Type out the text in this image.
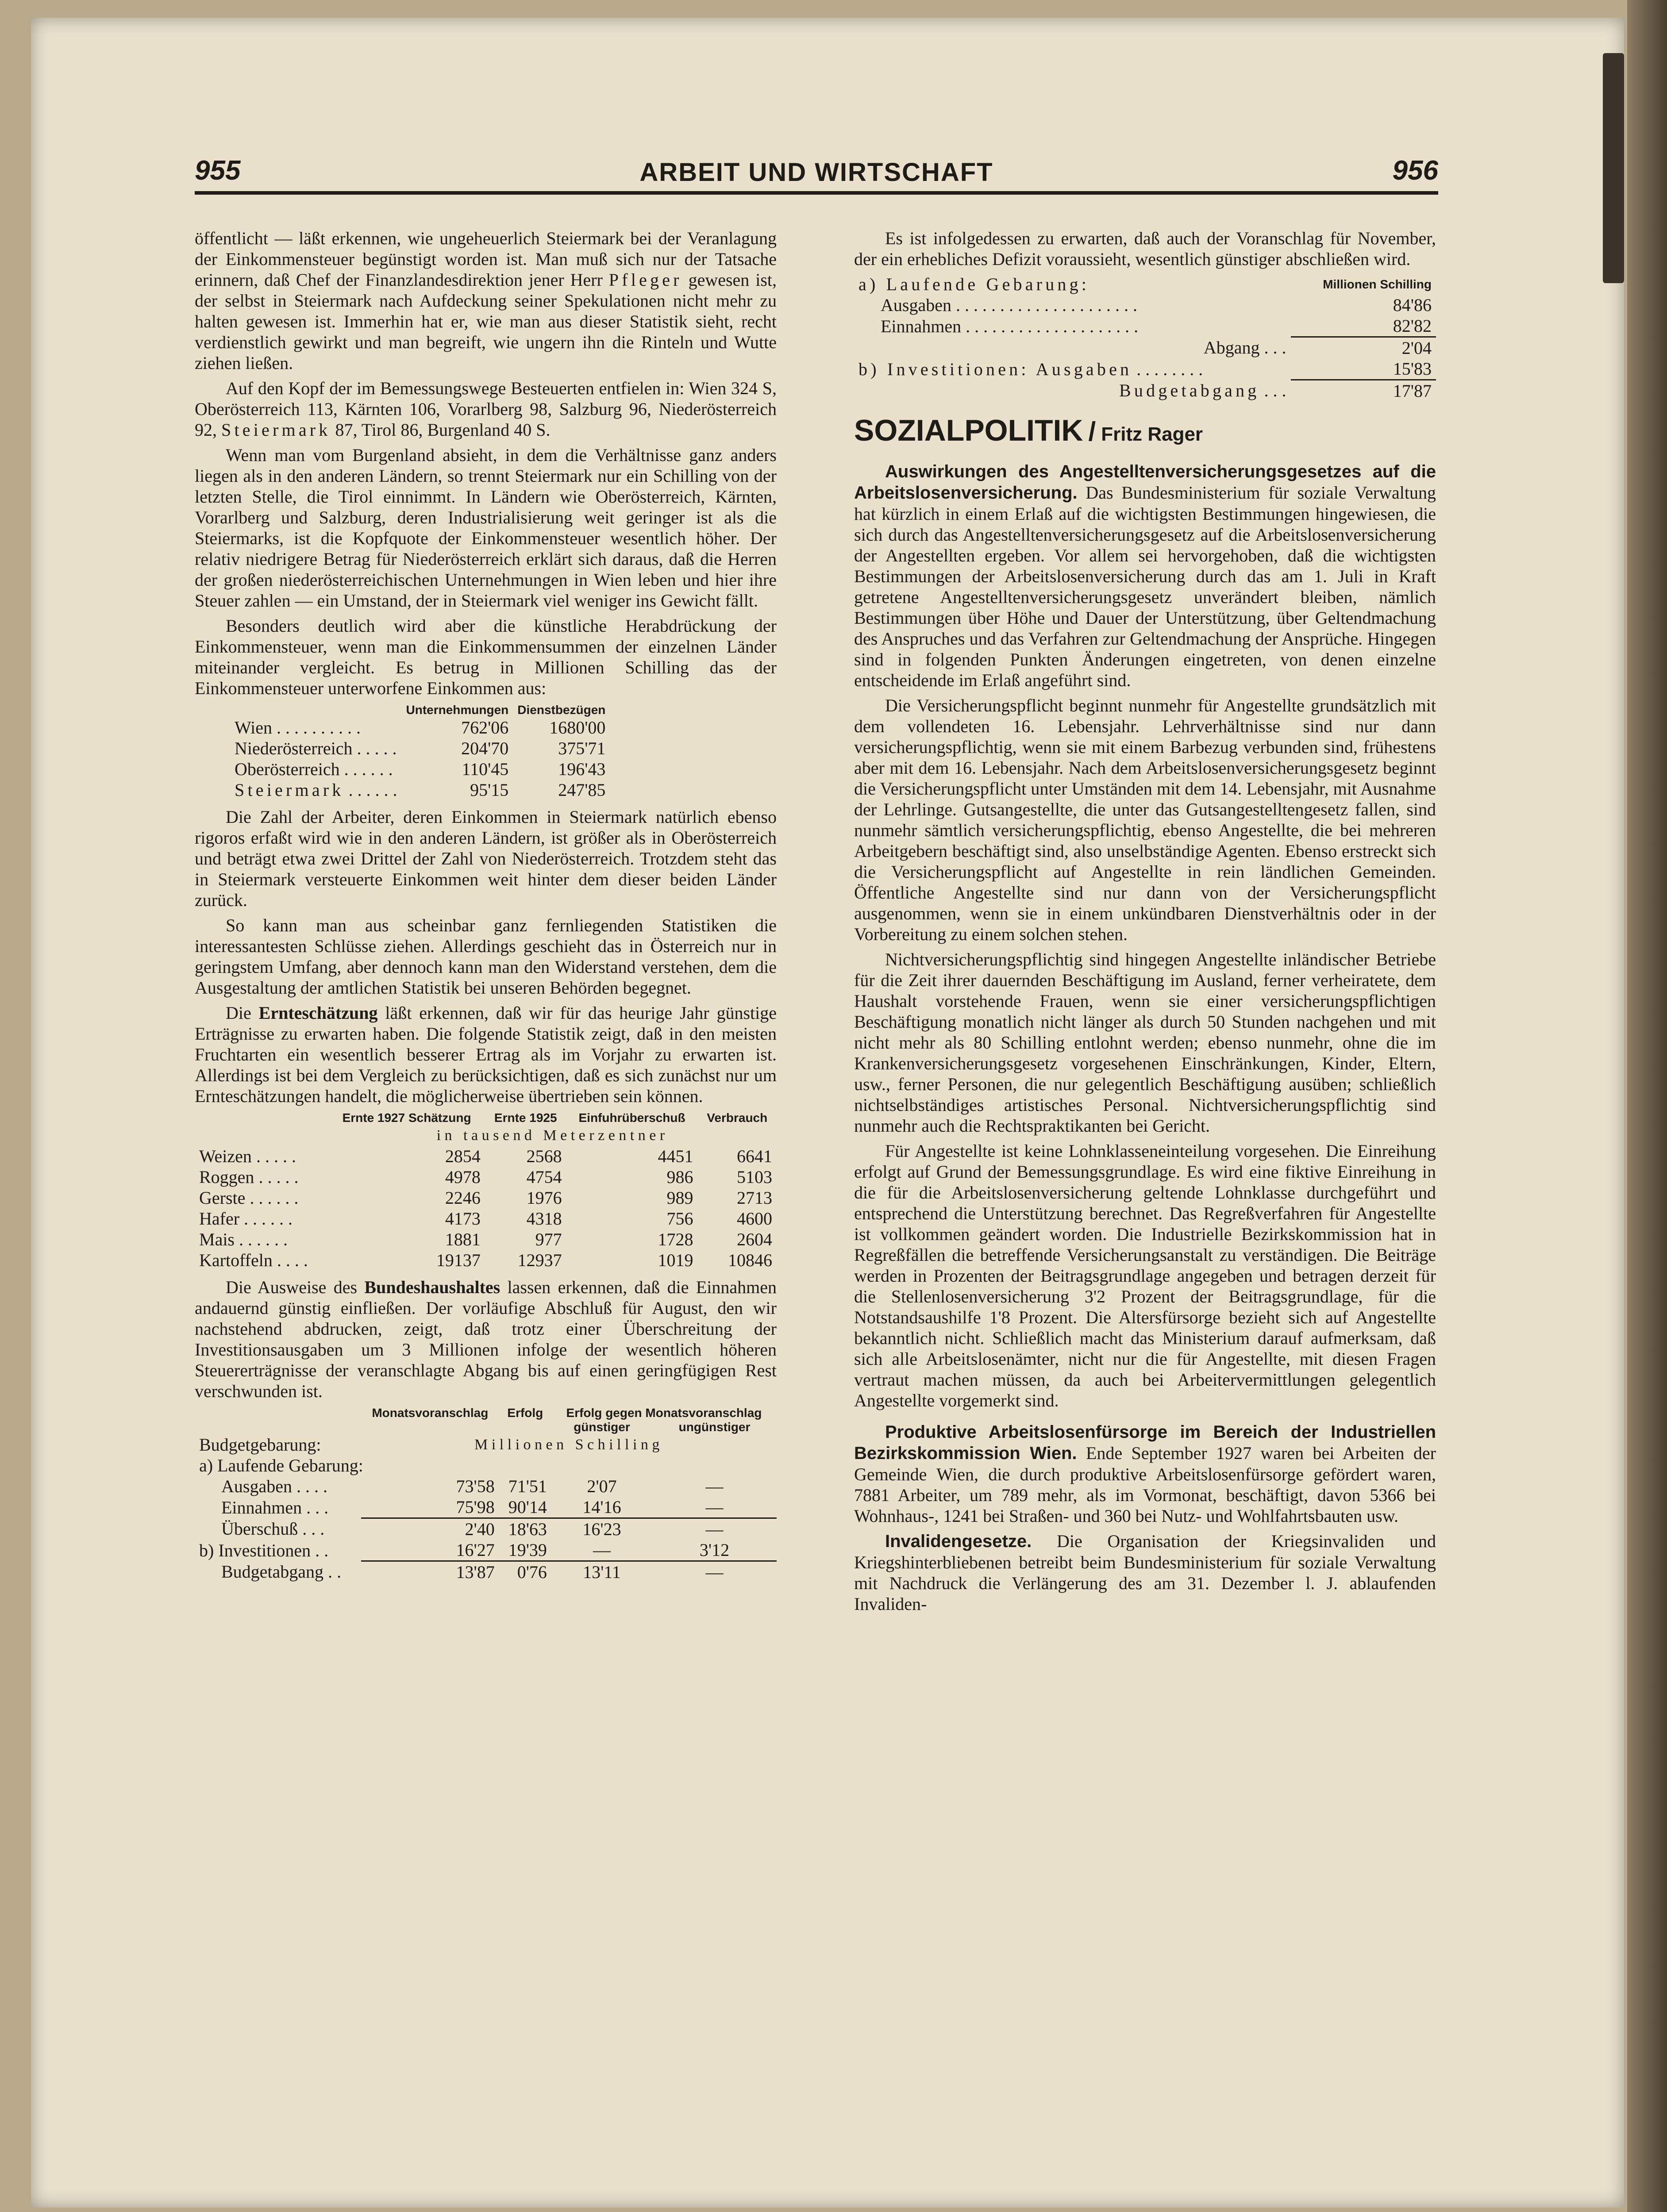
955	ARBEIT UND WIRTSCHAFT	956

öffentlicht — läßt erkennen, wie ungeheuerlich Steiermark bei der Veranlagung der Einkommensteuer begünstigt worden ist. Man muß sich nur der Tatsache erinnern, daß Chef der Finanzlandesdirektion jener Herr Pfleger gewesen ist, der selbst in Steiermark nach Aufdeckung seiner Spekulationen nicht mehr zu halten gewesen ist. Immerhin hat er, wie man aus dieser Statistik sieht, recht verdienstlich gewirkt und man begreift, wie ungern ihn die Rinteln und Wutte ziehen ließen.

Auf den Kopf der im Bemessungswege Besteuerten entfielen in: Wien 324 S, Oberösterreich 113, Kärnten 106, Vorarlberg 98, Salzburg 96, Niederösterreich 92, Steiermark 87, Tirol 86, Burgenland 40 S.

Wenn man vom Burgenland absieht, in dem die Verhältnisse ganz anders liegen als in den anderen Ländern, so trennt Steiermark nur ein Schilling von der letzten Stelle, die Tirol einnimmt. In Ländern wie Oberösterreich, Kärnten, Vorarlberg und Salzburg, deren Industrialisierung weit geringer ist als die Steiermarks, ist die Kopfquote der Einkommensteuer wesentlich höher. Der relativ niedrigere Betrag für Niederösterreich erklärt sich daraus, daß die Herren der großen niederösterreichischen Unternehmungen in Wien leben und hier ihre Steuer zahlen — ein Umstand, der in Steiermark viel weniger ins Gewicht fällt.

Besonders deutlich wird aber die künstliche Herabdrückung der Einkommensteuer, wenn man die Einkommensummen der einzelnen Länder miteinander vergleicht. Es betrug in Millionen Schilling das der Einkommensteuer unterworfene Einkommen aus:

	Unternehmungen	Dienstbezügen
Wien . . . . . . . . . .	762'06	1680'00
Niederösterreich . . . . .	204'70	375'71
Oberösterreich . . . . . .	110'45	196'43
Steiermark . . . . . .	95'15	247'85

Die Zahl der Arbeiter, deren Einkommen in Steiermark natürlich ebenso rigoros erfaßt wird wie in den anderen Ländern, ist größer als in Oberösterreich und beträgt etwa zwei Drittel der Zahl von Niederösterreich. Trotzdem steht das in Steiermark versteuerte Einkommen weit hinter dem dieser beiden Länder zurück.

So kann man aus scheinbar ganz fernliegenden Statistiken die interessantesten Schlüsse ziehen. Allerdings geschieht das in Österreich nur in geringstem Umfang, aber dennoch kann man den Widerstand verstehen, dem die Ausgestaltung der amtlichen Statistik bei unseren Behörden begegnet.

Die Ernteschätzung läßt erkennen, daß wir für das heurige Jahr günstige Erträgnisse zu erwarten haben. Die folgende Statistik zeigt, daß in den meisten Fruchtarten ein wesentlich besserer Ertrag als im Vorjahr zu erwarten ist. Allerdings ist bei dem Vergleich zu berücksichtigen, daß es sich zunächst nur um Ernteschätzungen handelt, die möglicherweise übertrieben sein können.

	Ernte 1927 Schätzung	Ernte 1925	Einfuhrüberschuß	Verbrauch
	in tausend Meterzentner			
Weizen . . . . .	2854	2568	4451	6641
Roggen . . . . .	4978	4754	986	5103
Gerste . . . . . .	2246	1976	989	2713
Hafer . . . . . .	4173	4318	756	4600
Mais . . . . . .	1881	977	1728	2604
Kartoffeln . . . .	19137	12937	1019	10846

Die Ausweise des Bundeshaushaltes lassen erkennen, daß die Einnahmen andauernd günstig einfließen. Der vorläufige Abschluß für August, den wir nachstehend abdrucken, zeigt, daß trotz einer Überschreitung der Investitionsausgaben um 3 Millionen infolge der wesentlich höheren Steuererträgnisse der veranschlagte Abgang bis auf einen geringfügigen Rest verschwunden ist.

	Monatsvoranschlag	Erfolg	Erfolg gegen Monatsvoranschlag	
			günstiger	ungünstiger
Budgetgebarung:	Millionen Schilling			
a) Laufende Gebarung:				
Ausgaben . . . .	73'58	71'51	2'07	—
Einnahmen . . .	75'98	90'14	14'16	—
Überschuß . . .	2'40	18'63	16'23	—
b) Investitionen . .	16'27	19'39	—	3'12
Budgetabgang . .	13'87	0'76	13'11	—

Es ist infolgedessen zu erwarten, daß auch der Voranschlag für November, der ein erhebliches Defizit voraussieht, wesentlich günstiger abschließen wird.

a) Laufende Gebarung:	Millionen Schilling
Ausgaben . . . . . . . . . . . . . . . . . . . . .	84'86
Einnahmen . . . . . . . . . . . . . . . . . . . .	82'82
Abgang . . .	2'04
b) Investitionen: Ausgaben . . . . . . . .	15'83
Budgetabgang . . .	17'87
SOZIALPOLITIK / Fritz Rager

Auswirkungen des Angestelltenversicherungsgesetzes auf die Arbeitslosenversicherung. Das Bundesministerium für soziale Verwaltung hat kürzlich in einem Erlaß auf die wichtigsten Bestimmungen hingewiesen, die sich durch das Angestelltenversicherungsgesetz auf die Arbeitslosenversicherung der Angestellten ergeben. Vor allem sei hervorgehoben, daß die wichtigsten Bestimmungen der Arbeitslosenversicherung durch das am 1. Juli in Kraft getretene Angestelltenversicherungsgesetz unverändert bleiben, nämlich Bestimmungen über Höhe und Dauer der Unterstützung, über Geltendmachung des Anspruches und das Verfahren zur Geltendmachung der Ansprüche. Hingegen sind in folgenden Punkten Änderungen eingetreten, von denen einzelne entscheidende im Erlaß angeführt sind.

Die Versicherungspflicht beginnt nunmehr für Angestellte grundsätzlich mit dem vollendeten 16. Lebensjahr. Lehrverhältnisse sind nur dann versicherungspflichtig, wenn sie mit einem Barbezug verbunden sind, frühestens aber mit dem 16. Lebensjahr. Nach dem Arbeitslosenversicherungsgesetz beginnt die Versicherungspflicht unter Umständen mit dem 14. Lebensjahr, mit Ausnahme der Lehrlinge. Gutsangestellte, die unter das Gutsangestelltengesetz fallen, sind nunmehr sämtlich versicherungspflichtig, ebenso Angestellte, die bei mehreren Arbeitgebern beschäftigt sind, also unselbständige Agenten. Ebenso erstreckt sich die Versicherungspflicht auf Angestellte in rein ländlichen Gemeinden. Öffentliche Angestellte sind nur dann von der Versicherungspflicht ausgenommen, wenn sie in einem unkündbaren Dienstverhältnis oder in der Vorbereitung zu einem solchen stehen.

Nichtversicherungspflichtig sind hingegen Angestellte inländischer Betriebe für die Zeit ihrer dauernden Beschäftigung im Ausland, ferner verheiratete, dem Haushalt vorstehende Frauen, wenn sie einer versicherungspflichtigen Beschäftigung monatlich nicht länger als durch 50 Stunden nachgehen und mit nicht mehr als 80 Schilling entlohnt werden; ebenso nunmehr, ohne die im Krankenversicherungsgesetz vorgesehenen Einschränkungen, Kinder, Eltern, usw., ferner Personen, die nur gelegentlich Beschäftigung ausüben; schließlich nichtselbständiges artistisches Personal. Nichtversicherungspflichtig sind nunmehr auch die Rechtspraktikanten bei Gericht.

Für Angestellte ist keine Lohnklasseneinteilung vorgesehen. Die Einreihung erfolgt auf Grund der Bemessungsgrundlage. Es wird eine fiktive Einreihung in die für die Arbeitslosenversicherung geltende Lohnklasse durchgeführt und entsprechend die Unterstützung berechnet. Das Regreßverfahren für Angestellte ist vollkommen geändert worden. Die Industrielle Bezirkskommission hat in Regreßfällen die betreffende Versicherungsanstalt zu verständigen. Die Beiträge werden in Prozenten der Beitragsgrundlage angegeben und betragen derzeit für die Stellenlosenversicherung 3'2 Prozent der Beitragsgrundlage, für die Notstandsaushilfe 1'8 Prozent. Die Altersfürsorge bezieht sich auf Angestellte bekanntlich nicht. Schließlich macht das Ministerium darauf aufmerksam, daß sich alle Arbeitslosenämter, nicht nur die für Angestellte, mit diesen Fragen vertraut machen müssen, da auch bei Arbeitervermittlungen gelegentlich Angestellte vorgemerkt sind.

Produktive Arbeitslosenfürsorge im Bereich der Industriellen Bezirkskommission Wien. Ende September 1927 waren bei Arbeiten der Gemeinde Wien, die durch produktive Arbeitslosenfürsorge gefördert waren, 7881 Arbeiter, um 789 mehr, als im Vormonat, beschäftigt, davon 5366 bei Wohnhaus-, 1241 bei Straßen- und 360 bei Nutz- und Wohlfahrtsbauten usw.

Invalidengesetze. Die Organisation der Kriegsinvaliden und Kriegshinterbliebenen betreibt beim Bundesministerium für soziale Verwaltung mit Nachdruck die Verlängerung des am 31. Dezember l. J. ablaufenden Invaliden-
